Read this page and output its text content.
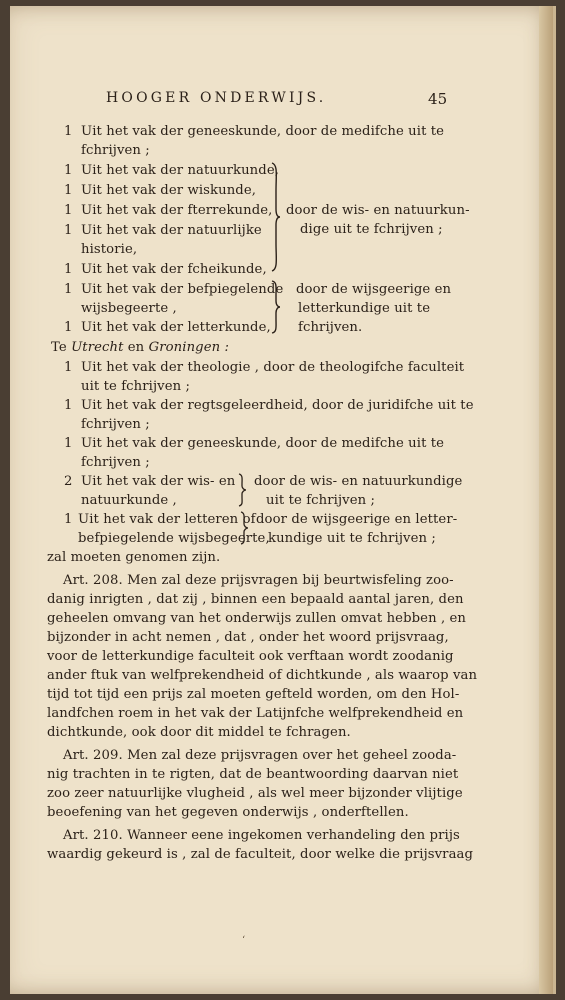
HOOGER ONDERWIJS.	45
1 Uit het vak der geneeskunde, door de medifche uit te
fchrijven ;
1 Uit het vak der natuurkunde,
1 Uit het vak der wiskunde,
1 Uit het vak der fterrekunde,
1 Uit het vak der natuurlijke
historie,
1 Uit het vak der fcheikunde,
1 Uit het vak der befpiegelende
wijsbegeerte ,
1 Uit het vak der letterkunde,
door de wis- en natuurkun-
dige uit te fchrijven ;
door de wijsgeerige en
letterkundige uit te
fchrijven.
Te Utrecht en Groningen :
1 Uit het vak der theologie , door de theologifche faculteit
uit te fchrijven ;
1 Uit het vak der regtsgeleerdheid, door de juridifche uit te
fchrijven ;
1 Uit het vak der geneeskunde, door de medifche uit te
fchrijven ;
2 Uit het vak der wis- en
natuurkunde ,
door de wis- en natuurkundige
uit te fchrijven ;
1 Uit het vak der letteren of
befpiegelende wijsbegeerte,
door de wijsgeerige en letter-
kundige uit te fchrijven ;
zal moeten genomen zijn.
Art. 208. Men zal deze prijsvragen bij beurtwisfeling zoo-
danig inrigten , dat zij , binnen een bepaald aantal jaren, den
geheelen omvang van het onderwijs zullen omvat hebben , en
bijzonder in acht nemen , dat , onder het woord prijsvraag,
voor de letterkundige faculteit ook verftaan wordt zoodanig
ander ftuk van welfprekendheid of dichtkunde , als waarop van
tijd tot tijd een prijs zal moeten gefteld worden, om den Hol-
landfchen roem in het vak der Latijnfche welfprekendheid en
dichtkunde, ook door dit middel te fchragen.
Art. 209. Men zal deze prijsvragen over het geheel zooda-
nig trachten in te rigten, dat de beantwoording daarvan niet
zoo zeer natuurlijke vlugheid , als wel meer bijzonder vlijtige
beoefening van het gegeven onderwijs , onderftellen.
Art. 210. Wanneer eene ingekomen verhandeling den prijs
waardig gekeurd is , zal de faculteit, door welke die prijsvraag
‘
